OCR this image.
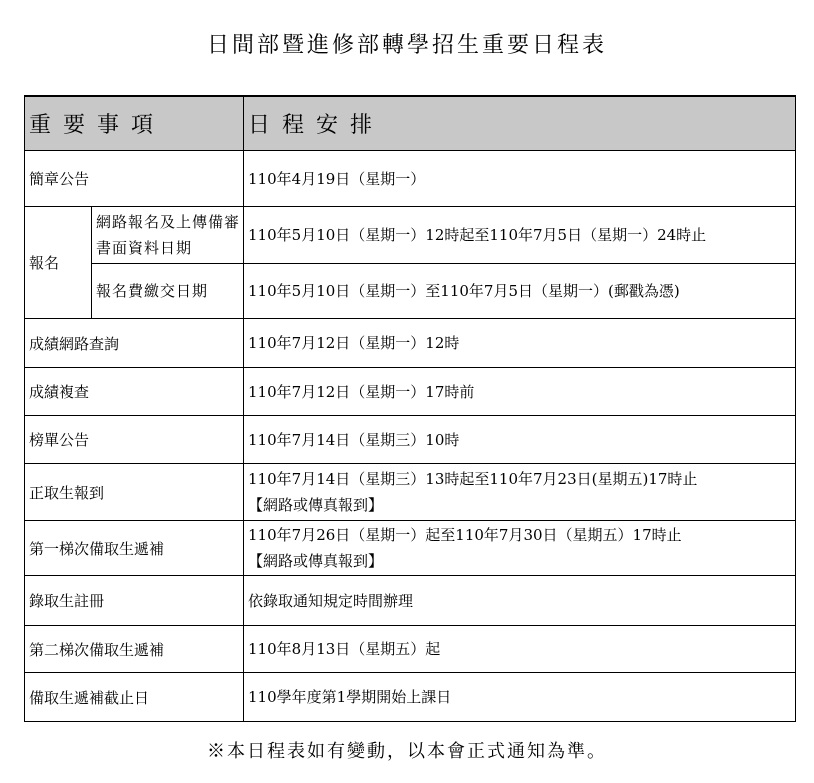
日間部暨進修部轉學招生重要日程表
重要事項		日程安排
簡章公告		110年4月19日（星期一）
報名	網路報名及上傳備審書面資料日期	110年5月10日（星期一）12時起至110年7月5日（星期一）24時止
	報名費繳交日期	110年5月10日（星期一）至110年7月5日（星期一）(郵戳為憑)
成績網路查詢		110年7月12日（星期一）12時
成績複查		110年7月12日（星期一）17時前
榜單公告		110年7月14日（星期三）10時
正取生報到		110年7月14日（星期三）13時起至110年7月23日(星期五)17時止
【網路或傳真報到】

第一梯次備取生遞補		110年7月26日（星期一）起至110年7月30日（星期五）17時止
【網路或傳真報到】

錄取生註冊		依錄取通知規定時間辦理
第二梯次備取生遞補		110年8月13日（星期五）起
備取生遞補截止日		110學年度第1學期開始上課日
※本日程表如有變動，以本會正式通知為準。
